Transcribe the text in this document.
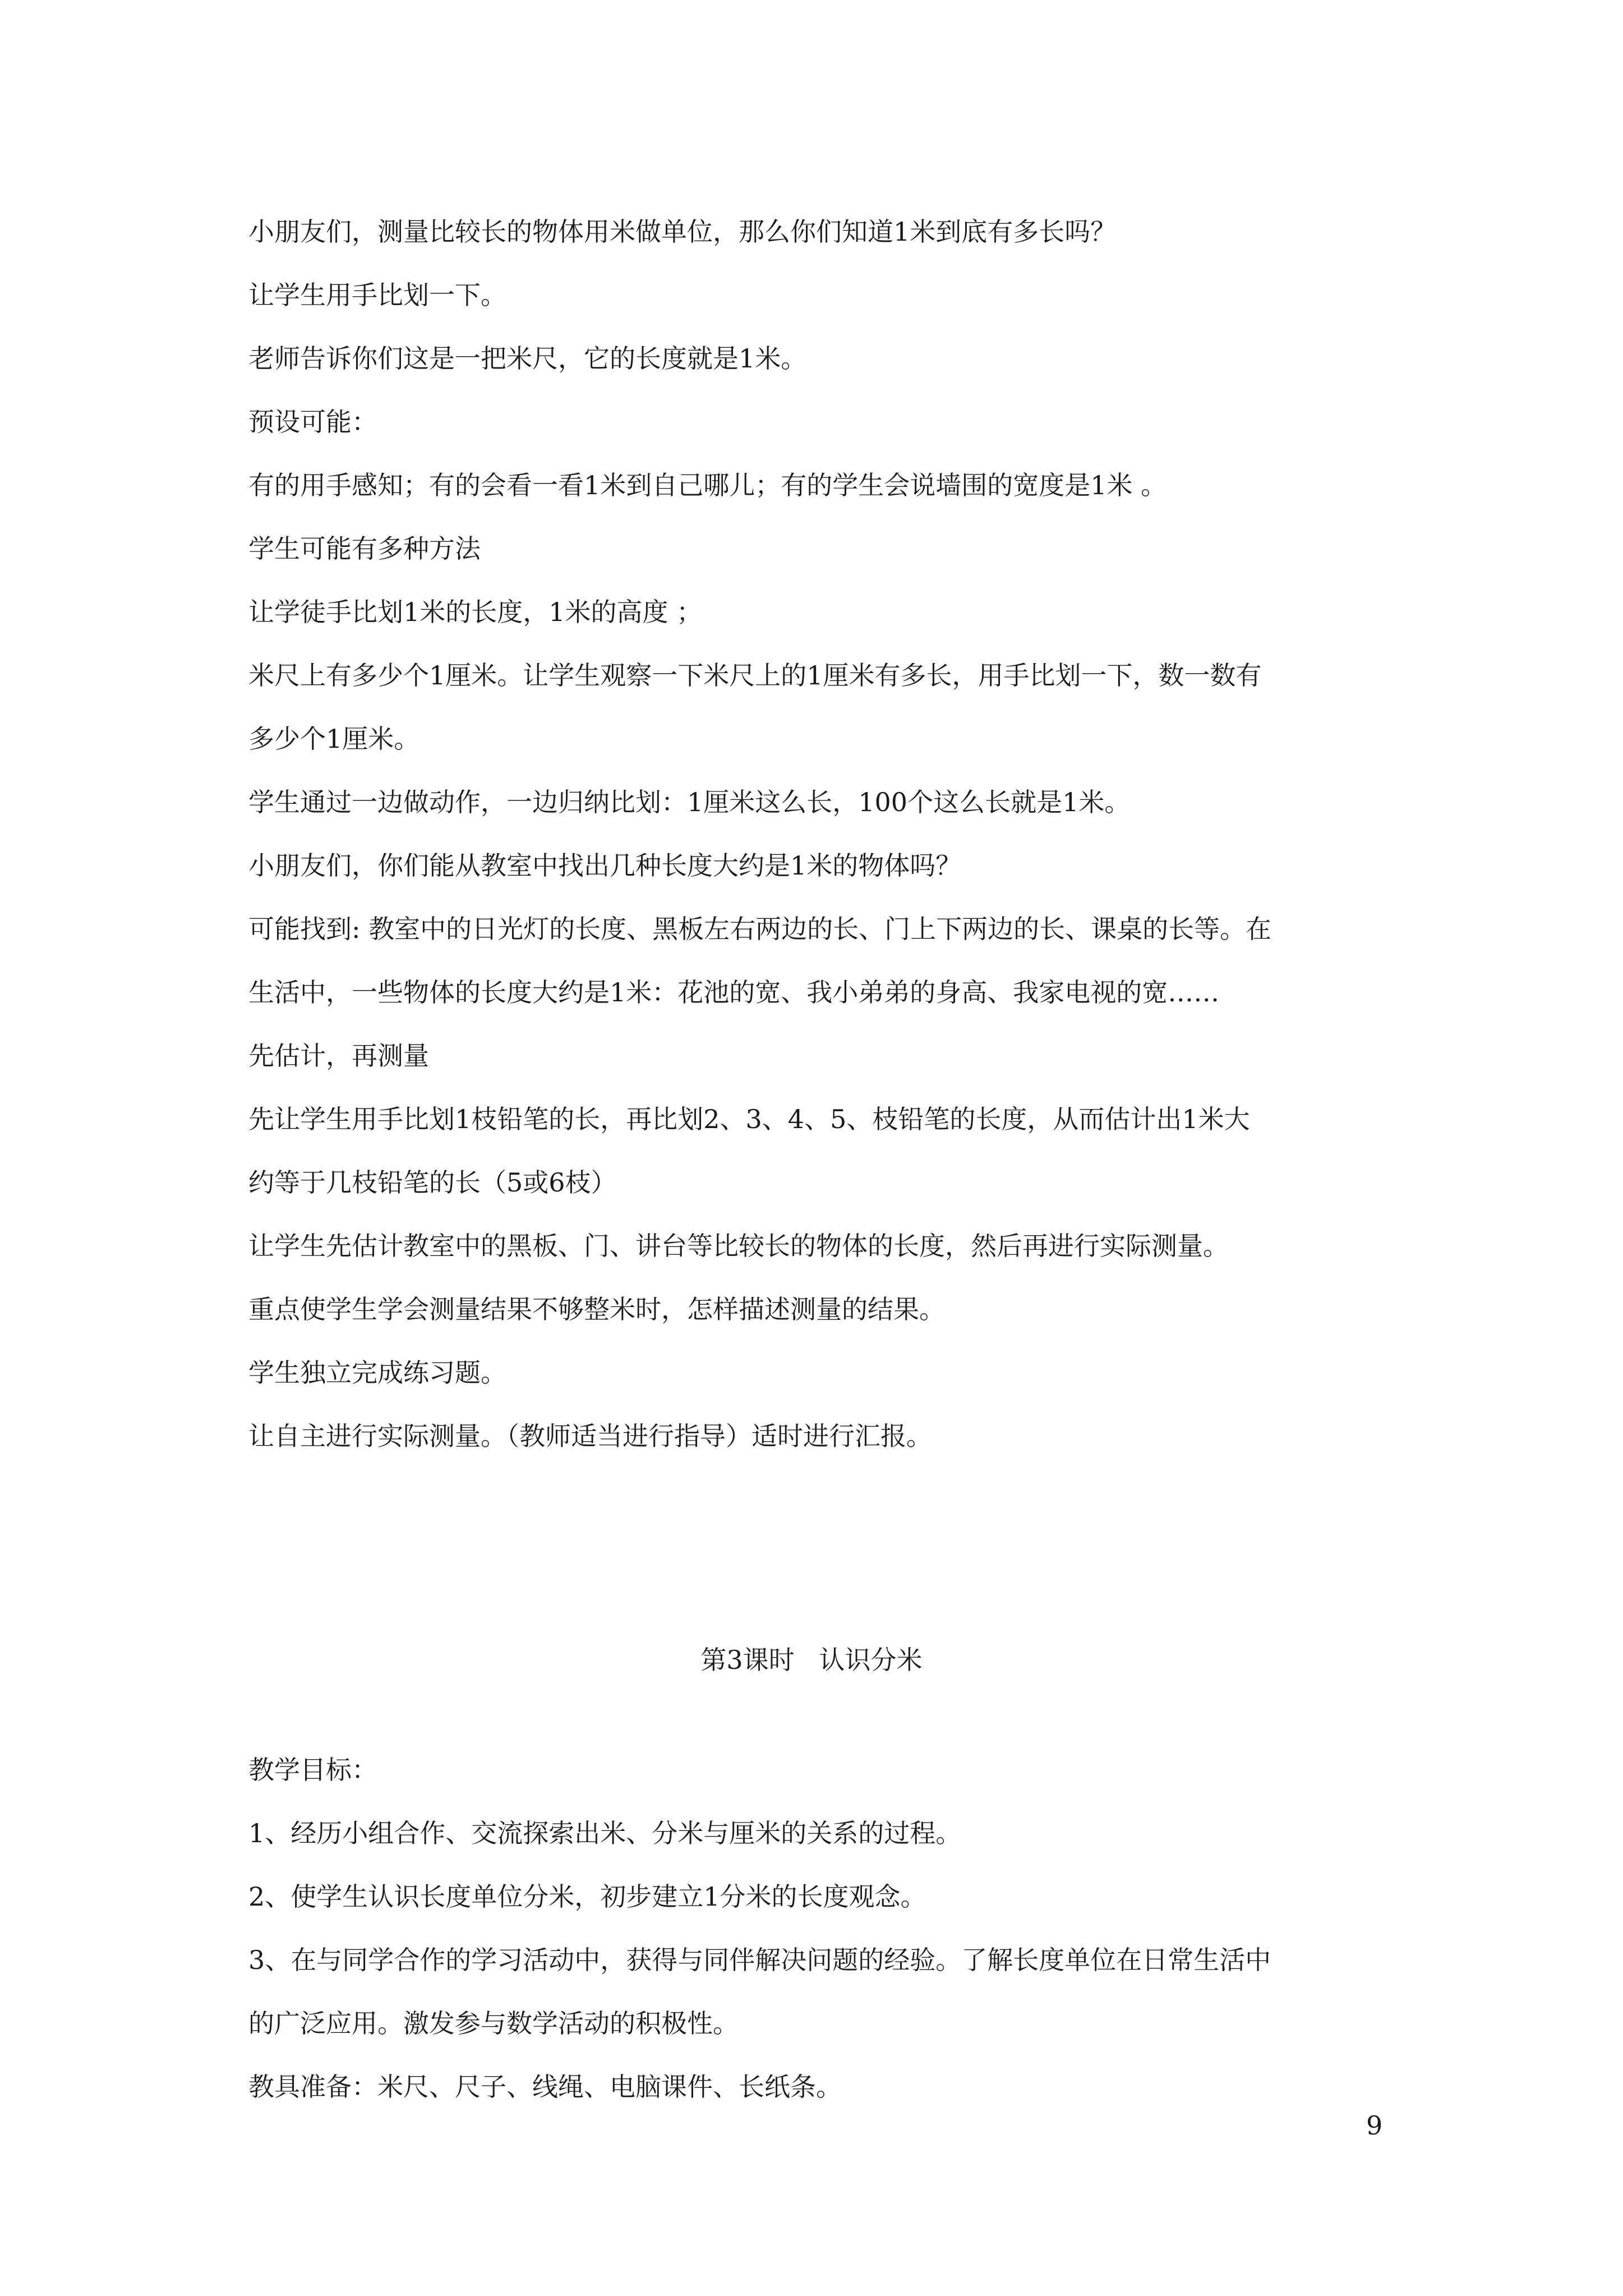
小朋友们，测量比较长的物体用米做单位，那么你们知道1米到底有多长吗？
让学生用手比划一下。
老师告诉你们这是一把米尺，它的长度就是1米。
预设可能：
有的用手感知；有的会看一看1米到自己哪儿；有的学生会说墙围的宽度是1米 。
学生可能有多种方法
让学徒手比划1米的长度，1米的高度 ；
米尺上有多少个1厘米。让学生观察一下米尺上的1厘米有多长，用手比划一下，数一数有
多少个1厘米。
学生通过一边做动作，一边归纳比划：1厘米这么长，100个这么长就是1米。
小朋友们，你们能从教室中找出几种长度大约是1米的物体吗？
可能找到: 教室中的日光灯的长度、黑板左右两边的长、门上下两边的长、课桌的长等。在
生活中，一些物体的长度大约是1米：花池的宽、我小弟弟的身高、我家电视的宽……
先估计，再测量
先让学生用手比划1枝铅笔的长，再比划2、3、4、5、枝铅笔的长度，从而估计出1米大
约等于几枝铅笔的长（5或6枝）
让学生先估计教室中的黑板、门、讲台等比较长的物体的长度，然后再进行实际测量。
重点使学生学会测量结果不够整米时，怎样描述测量的结果。
学生独立完成练习题。
让自主进行实际测量。（教师适当进行指导）适时进行汇报。
第3课时   认识分米
教学目标：
1、经历小组合作、交流探索出米、分米与厘米的关系的过程。
2、使学生认识长度单位分米，初步建立1分米的长度观念。
3、在与同学合作的学习活动中，获得与同伴解决问题的经验。了解长度单位在日常生活中
的广泛应用。激发参与数学活动的积极性。
教具准备：米尺、尺子、线绳、电脑课件、长纸条。
9
